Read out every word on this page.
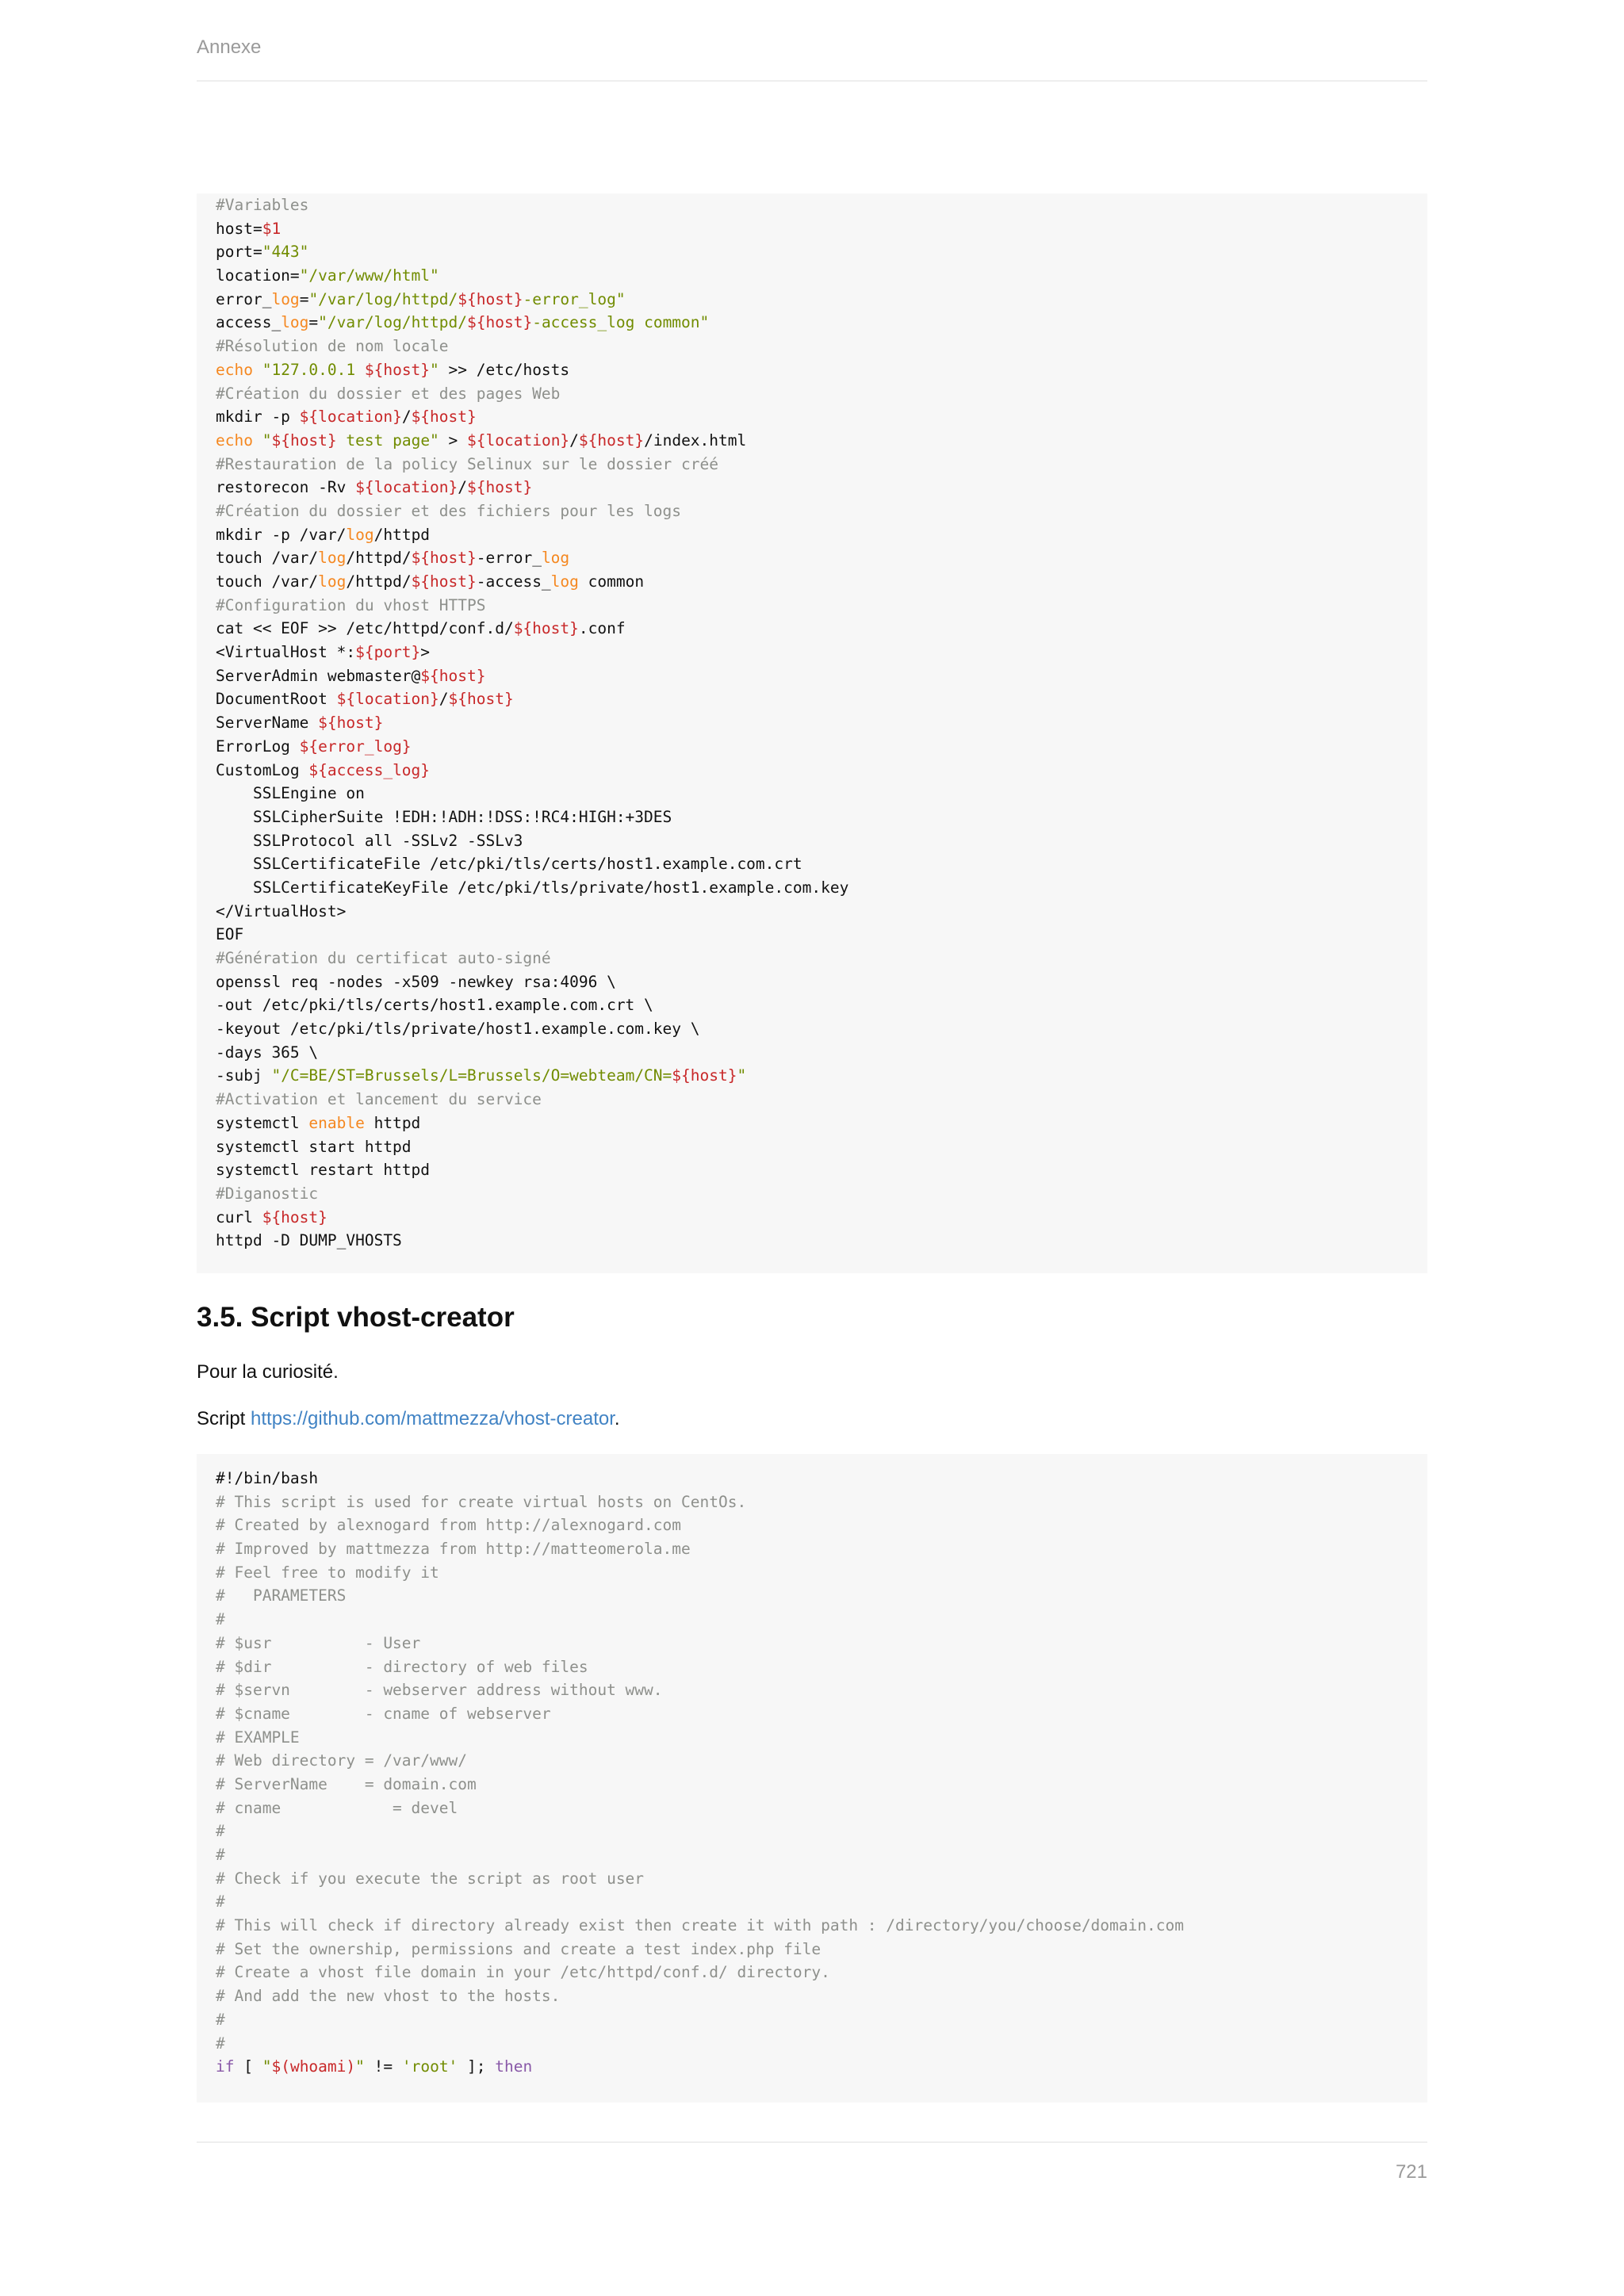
Annexe
#Variables
host=$1
port="443"
location="/var/www/html"
error_log="/var/log/httpd/${host}-error_log"
access_log="/var/log/httpd/${host}-access_log common"
#Résolution de nom locale
echo "127.0.0.1 ${host}" >> /etc/hosts
#Création du dossier et des pages Web
mkdir -p ${location}/${host}
echo "${host} test page" > ${location}/${host}/index.html
#Restauration de la policy Selinux sur le dossier créé
restorecon -Rv ${location}/${host}
#Création du dossier et des fichiers pour les logs
mkdir -p /var/log/httpd
touch /var/log/httpd/${host}-error_log
touch /var/log/httpd/${host}-access_log common
#Configuration du vhost HTTPS
cat << EOF >> /etc/httpd/conf.d/${host}.conf
<VirtualHost *:${port}>
ServerAdmin webmaster@${host}
DocumentRoot ${location}/${host}
ServerName ${host}
ErrorLog ${error_log}
CustomLog ${access_log}
SSLEngine on
SSLCipherSuite !EDH:!ADH:!DSS:!RC4:HIGH:+3DES
SSLProtocol all -SSLv2 -SSLv3
SSLCertificateFile /etc/pki/tls/certs/host1.example.com.crt
SSLCertificateKeyFile /etc/pki/tls/private/host1.example.com.key
</VirtualHost>
EOF
#Génération du certificat auto-signé
openssl req -nodes -x509 -newkey rsa:4096 \
-out /etc/pki/tls/certs/host1.example.com.crt \
-keyout /etc/pki/tls/private/host1.example.com.key \
-days 365 \
-subj "/C=BE/ST=Brussels/L=Brussels/O=webteam/CN=${host}"
#Activation et lancement du service
systemctl enable httpd
systemctl start httpd
systemctl restart httpd
#Diganostic
curl ${host}
httpd -D DUMP_VHOSTS
3.5. Script vhost-creator

Pour la curiosité.

Script https://github.com/mattmezza/vhost-creator.

#!/bin/bash
# This script is used for create virtual hosts on CentOs.
# Created by alexnogard from http://alexnogard.com
# Improved by mattmezza from http://matteomerola.me
# Feel free to modify it
#   PARAMETERS
#
# $usr          - User
# $dir          - directory of web files
# $servn        - webserver address without www.
# $cname        - cname of webserver
# EXAMPLE
# Web directory = /var/www/
# ServerName    = domain.com
# cname            = devel
#
#
# Check if you execute the script as root user
#
# This will check if directory already exist then create it with path : /directory/you/choose/domain.com
# Set the ownership, permissions and create a test index.php file
# Create a vhost file domain in your /etc/httpd/conf.d/ directory.
# And add the new vhost to the hosts.
#
#
if [ "$(whoami)" != 'root' ]; then
721
